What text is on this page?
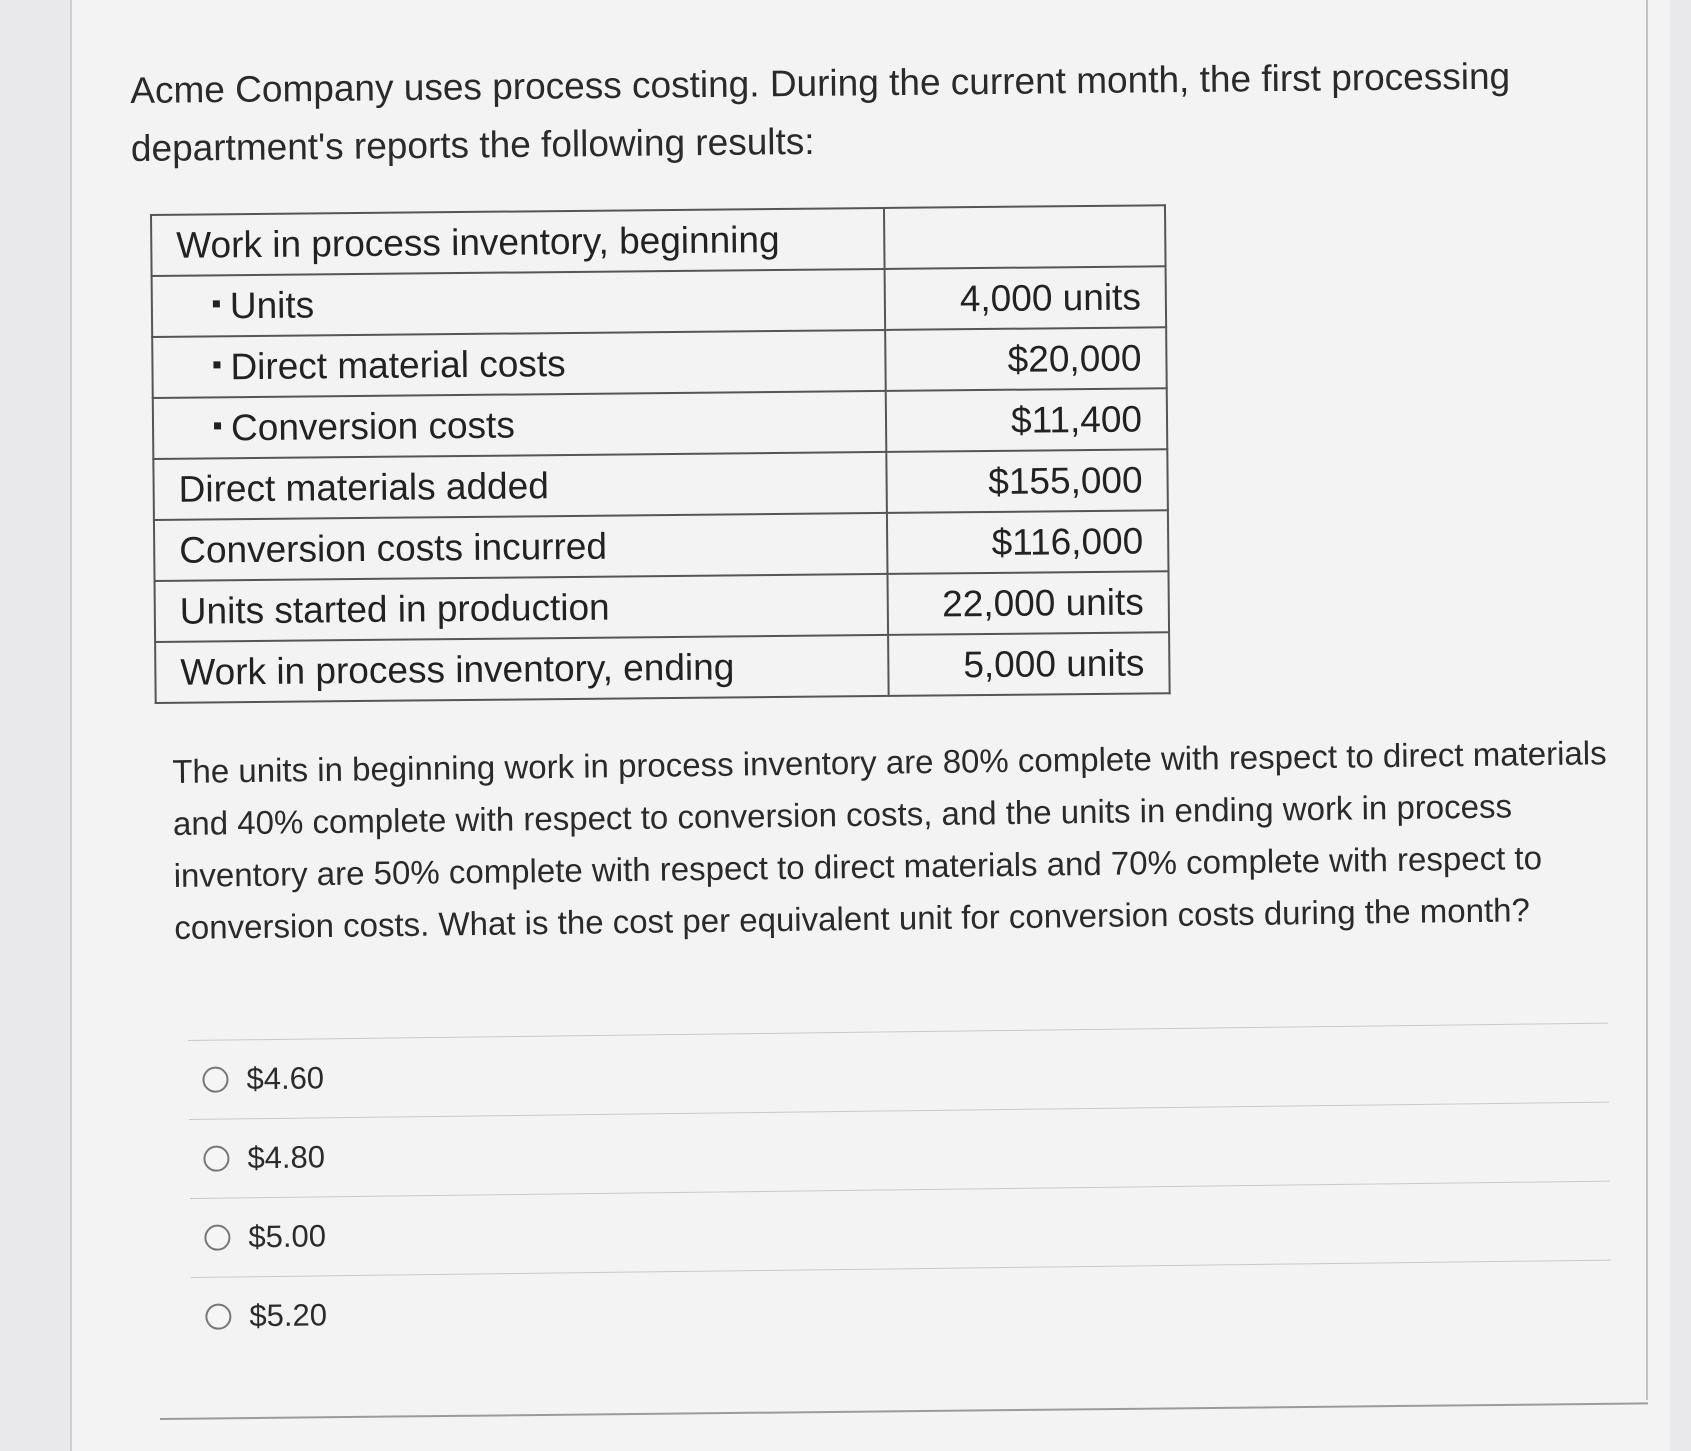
Acme Company uses process costing. During the current month, the first processing department's reports the following results:

Work in process inventory, beginning	
Units	4,000 units
Direct material costs	$20,000
Conversion costs	$11,400
Direct materials added	$155,000
Conversion costs incurred	$116,000
Units started in production	22,000 units
Work in process inventory, ending	5,000 units

The units in beginning work in process inventory are 80% complete with respect to direct materials and 40% complete with respect to conversion costs, and the units in ending work in process inventory are 50% complete with respect to direct materials and 70% complete with respect to conversion costs. What is the cost per equivalent unit for conversion costs during the month?

$4.60
$4.80
$5.00
$5.20
